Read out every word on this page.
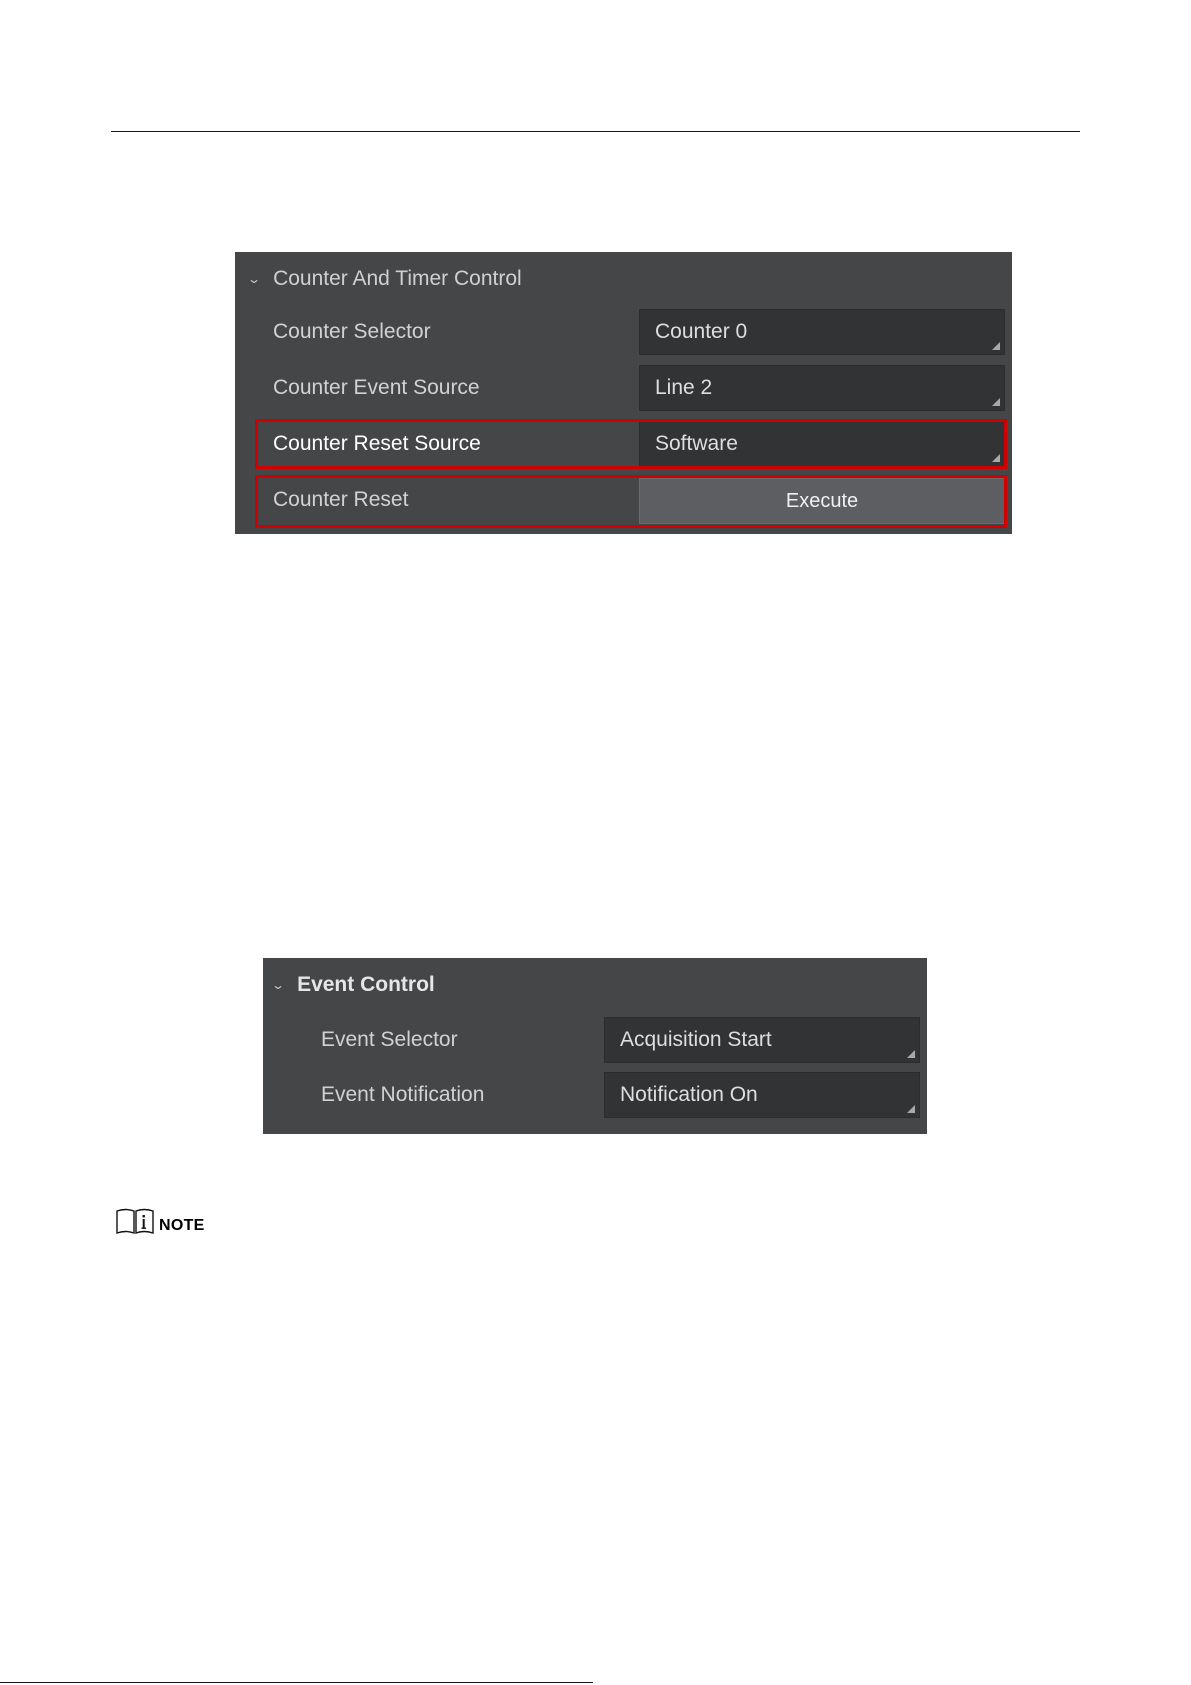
⌄ Counter And Timer Control
Counter Selector	Counter 0
Counter Event Source	Line 2
Counter Reset Source	Software
Counter Reset	Execute
⌄ Event Control
Event Selector	Acquisition Start
Event Notification	Notification On
NOTE
